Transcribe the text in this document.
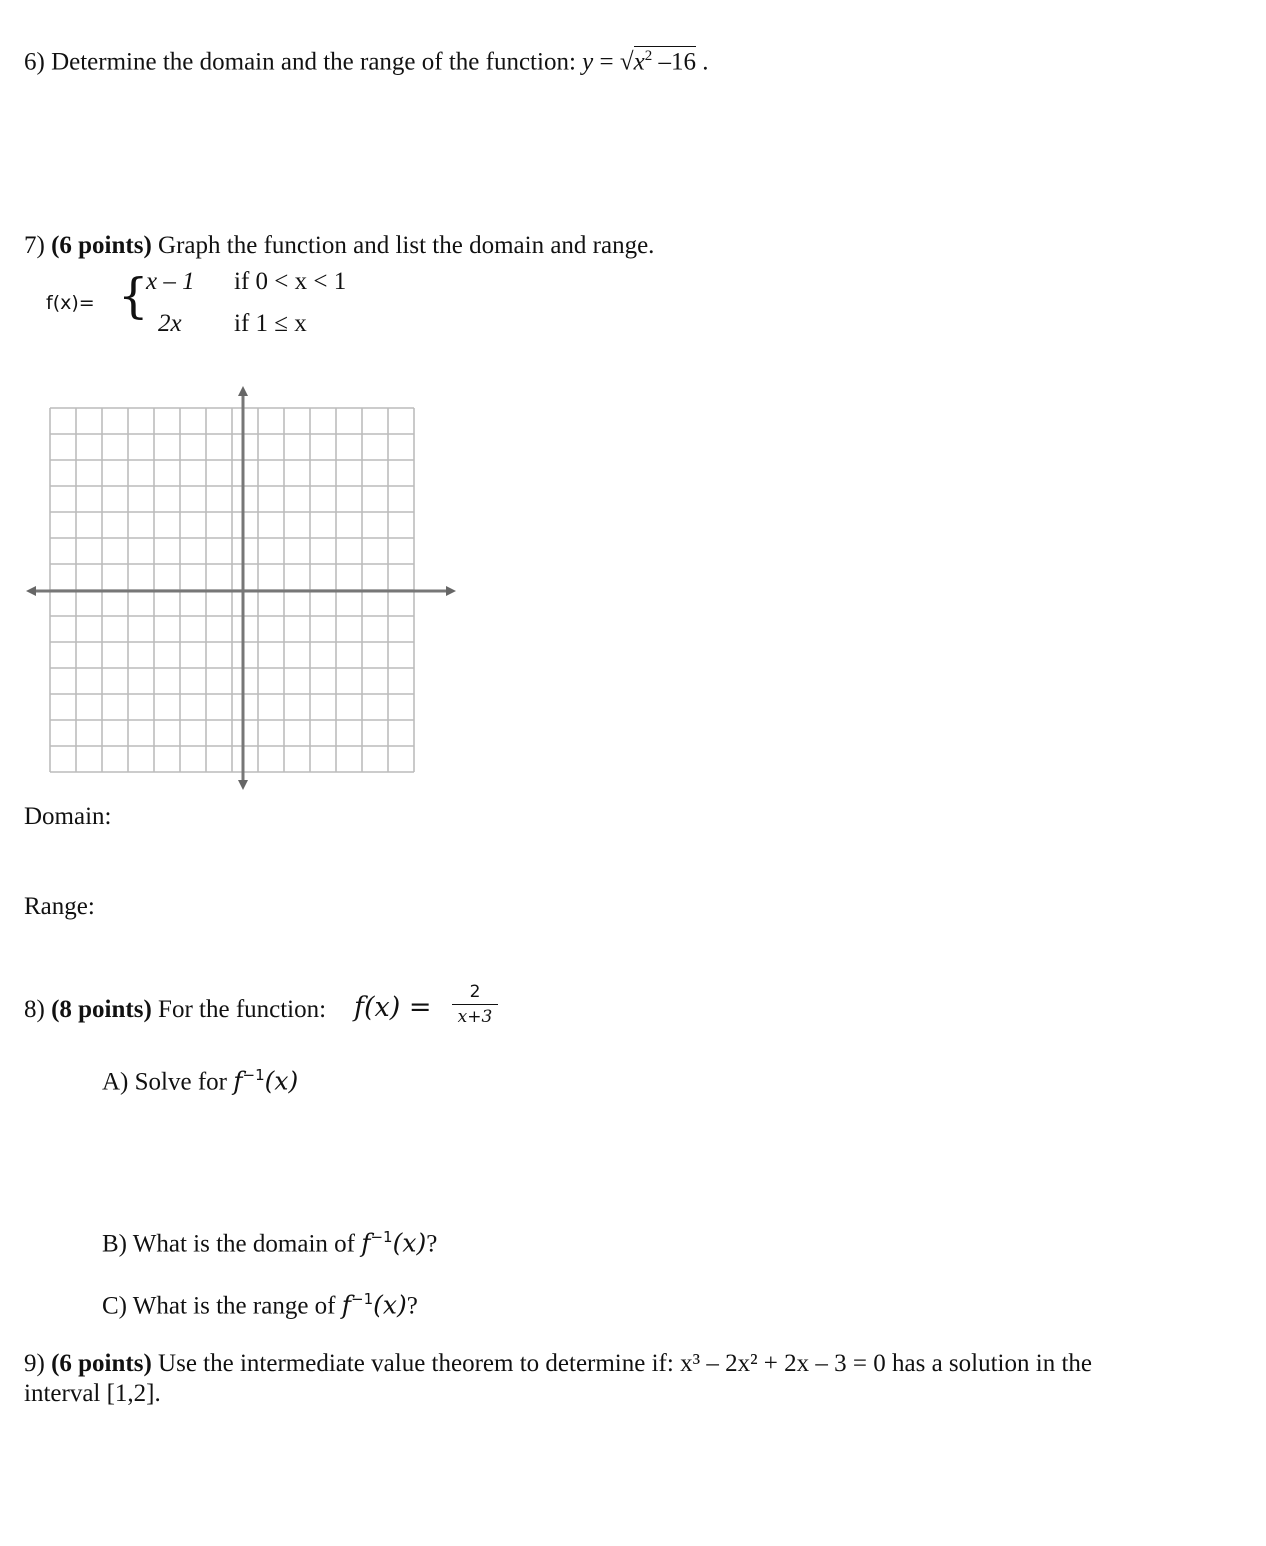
6) Determine the domain and the range of the function: $y = √x^2$ –16 .
7) (6 points) Graph the function and list the domain and range.
f(x)= {
x – 1 if 0 < x < 1
2x if 1 ≤ x
Domain:
Range:
8) (8 points) For the function: f(x) =	2
x+3
A) Solve for $f^{-1}(x)$
B) What is the domain of $f^{-1}(x)$?
C) What is the range of $f^{-1}(x)$?
9) (6 points) Use the intermediate value theorem to determine if: x³ – 2x² + 2x – 3 = 0 has a solution in the
interval [1,2].
